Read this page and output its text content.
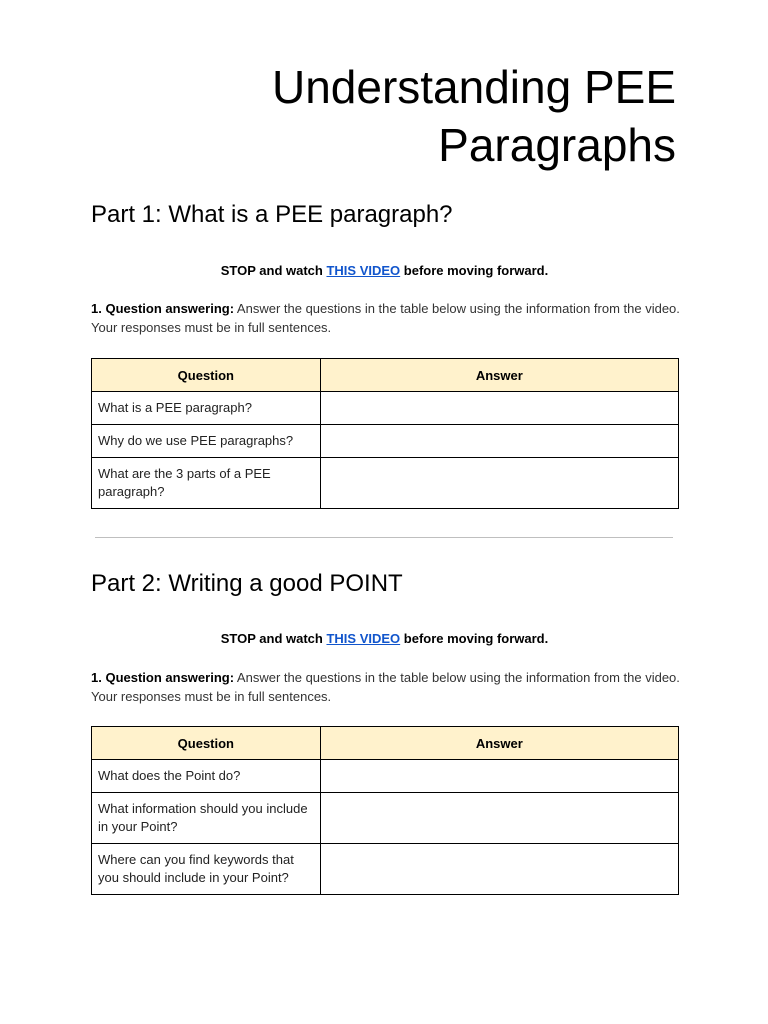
Understanding PEE
Paragraphs
Part 1: What is a PEE paragraph?
STOP and watch THIS VIDEO before moving forward.
1. Question answering: Answer the questions in the table below using the information from the video. Your responses must be in full sentences.
Question	Answer
What is a PEE paragraph?	
Why do we use PEE paragraphs?	
What are the 3 parts of a PEE paragraph?	
Part 2: Writing a good POINT
STOP and watch THIS VIDEO before moving forward.
1. Question answering: Answer the questions in the table below using the information from the video. Your responses must be in full sentences.
Question	Answer
What does the Point do?	
What information should you include in your Point?	
Where can you find keywords that you should include in your Point?	
